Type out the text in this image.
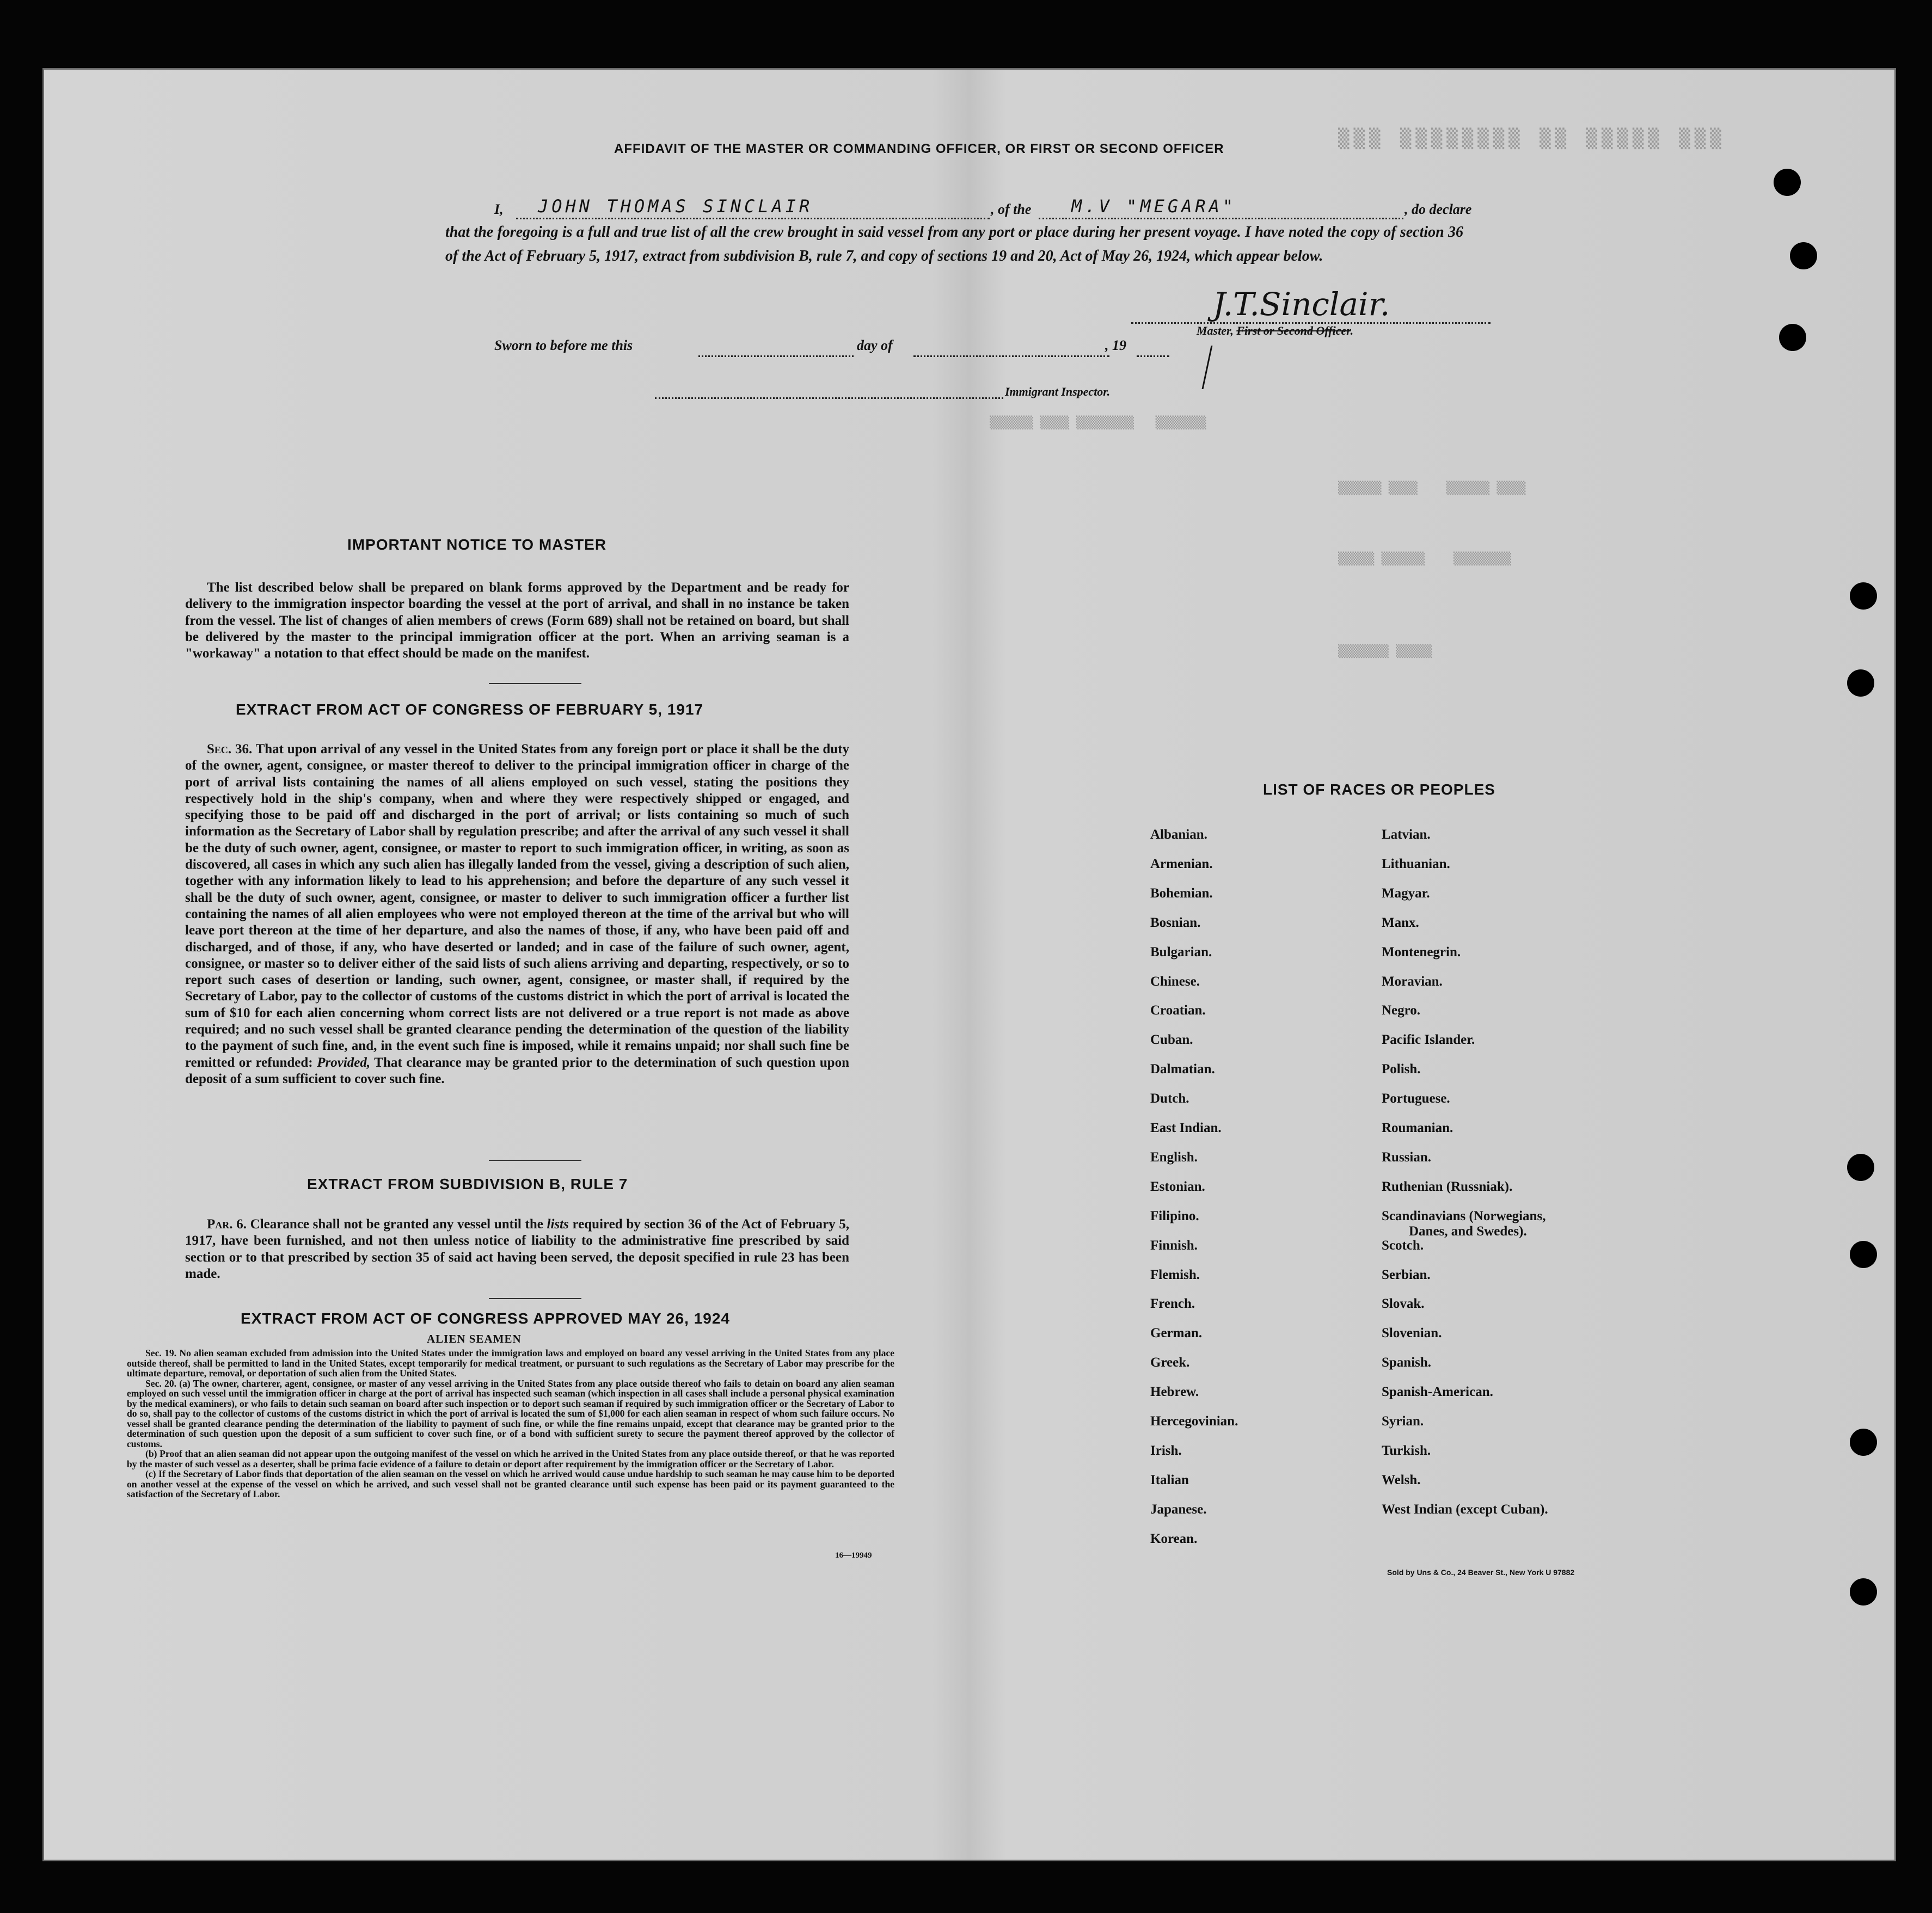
▒▒▒ ▒▒▒▒▒▒▒▒ ▒▒ ▒▒▒▒▒ ▒▒▒
▒▒▒▒▒▒ ▒▒▒▒ ▒▒▒▒▒▒▒▒   ▒▒▒▒▒▒▒
▒▒▒▒▒▒ ▒▒▒▒    ▒▒▒▒▒▒ ▒▒▒▒
▒▒▒▒▒ ▒▒▒▒▒▒    ▒▒▒▒▒▒▒▒
▒▒▒▒▒▒▒ ▒▒▒▒▒
AFFIDAVIT OF THE MASTER OR COMMANDING OFFICER, OR FIRST OR SECOND OFFICER
I, JOHN THOMAS SINCLAIR	, of the M.V "MEGARA"	, do declare
that the foregoing is a full and true list of all the crew brought in said vessel from any port or place during her present voyage. I have noted the copy of section 36 of the Act of February 5, 1917, extract from subdivision B, rule 7, and copy of sections 19 and 20, Act of May 26, 1924, which appear below.
J.T.Sinclair.
Master, First or Second Officer.
Sworn to before me this	day of	, 19
Immigrant Inspector.
IMPORTANT NOTICE TO MASTER

The list described below shall be prepared on blank forms approved by the Department and be ready for delivery to the immigration inspector boarding the vessel at the port of arrival, and shall in no instance be taken from the vessel. The list of changes of alien members of crews (Form 689) shall not be retained on board, but shall be delivered by the master to the principal immigration officer at the port. When an arriving seaman is a "workaway" a notation to that effect should be made on the manifest.

EXTRACT FROM ACT OF CONGRESS OF FEBRUARY 5, 1917

Sec. 36. That upon arrival of any vessel in the United States from any foreign port or place it shall be the duty of the owner, agent, consignee, or master thereof to deliver to the principal immigration officer in charge of the port of arrival lists containing the names of all aliens employed on such vessel, stating the positions they respectively hold in the ship's company, when and where they were respectively shipped or engaged, and specifying those to be paid off and discharged in the port of arrival; or lists containing so much of such information as the Secretary of Labor shall by regulation prescribe; and after the arrival of any such vessel it shall be the duty of such owner, agent, consignee, or master to report to such immigration officer, in writing, as soon as discovered, all cases in which any such alien has illegally landed from the vessel, giving a description of such alien, together with any information likely to lead to his apprehension; and before the departure of any such vessel it shall be the duty of such owner, agent, consignee, or master to deliver to such immigration officer a further list containing the names of all alien employees who were not employed thereon at the time of the arrival but who will leave port thereon at the time of her departure, and also the names of those, if any, who have been paid off and discharged, and of those, if any, who have deserted or landed; and in case of the failure of such owner, agent, consignee, or master so to deliver either of the said lists of such aliens arriving and departing, respectively, or so to report such cases of desertion or landing, such owner, agent, consignee, or master shall, if required by the Secretary of Labor, pay to the collector of customs of the customs district in which the port of arrival is located the sum of $10 for each alien concerning whom correct lists are not delivered or a true report is not made as above required; and no such vessel shall be granted clearance pending the determination of the question of the liability to the payment of such fine, and, in the event such fine is imposed, while it remains unpaid; nor shall such fine be remitted or refunded: Provided, That clearance may be granted prior to the determination of such question upon deposit of a sum sufficient to cover such fine.

EXTRACT FROM SUBDIVISION B, RULE 7

Par. 6. Clearance shall not be granted any vessel until the lists required by section 36 of the Act of February 5, 1917, have been furnished, and not then unless notice of liability to the administrative fine prescribed by said section or to that prescribed by section 35 of said act having been served, the deposit specified in rule 23 has been made.

EXTRACT FROM ACT OF CONGRESS APPROVED MAY 26, 1924
ALIEN SEAMEN

Sec. 19. No alien seaman excluded from admission into the United States under the immigration laws and employed on board any vessel arriving in the United States from any place outside thereof, shall be permitted to land in the United States, except temporarily for medical treatment, or pursuant to such regulations as the Secretary of Labor may prescribe for the ultimate departure, removal, or deportation of such alien from the United States.

Sec. 20. (a) The owner, charterer, agent, consignee, or master of any vessel arriving in the United States from any place outside thereof who fails to detain on board any alien seaman employed on such vessel until the immigration officer in charge at the port of arrival has inspected such seaman (which inspection in all cases shall include a personal physical examination by the medical examiners), or who fails to detain such seaman on board after such inspection or to deport such seaman if required by such immigration officer or the Secretary of Labor to do so, shall pay to the collector of customs of the customs district in which the port of arrival is located the sum of $1,000 for each alien seaman in respect of whom such failure occurs. No vessel shall be granted clearance pending the determination of the liability to payment of such fine, or while the fine remains unpaid, except that clearance may be granted prior to the determination of such question upon the deposit of a sum sufficient to cover such fine, or of a bond with sufficient surety to secure the payment thereof approved by the collector of customs.

(b) Proof that an alien seaman did not appear upon the outgoing manifest of the vessel on which he arrived in the United States from any place outside thereof, or that he was reported by the master of such vessel as a deserter, shall be prima facie evidence of a failure to detain or deport after requirement by the immigration officer or the Secretary of Labor.

(c) If the Secretary of Labor finds that deportation of the alien seaman on the vessel on which he arrived would cause undue hardship to such seaman he may cause him to be deported on another vessel at the expense of the vessel on which he arrived, and such vessel shall not be granted clearance until such expense has been paid or its payment guaranteed to the satisfaction of the Secretary of Labor.

16—19949
LIST OF RACES OR PEOPLES
Albanian.
Armenian.
Bohemian.
Bosnian.
Bulgarian.
Chinese.
Croatian.
Cuban.
Dalmatian.
Dutch.
East Indian.
English.
Estonian.
Filipino.
Finnish.
Flemish.
French.
German.
Greek.
Hebrew.
Hercegovinian.
Irish.
Italian
Japanese.
Korean.
Latvian.
Lithuanian.
Magyar.
Manx.
Montenegrin.
Moravian.
Negro.
Pacific Islander.
Polish.
Portuguese.
Roumanian.
Russian.
Ruthenian (Russniak).
Scandinavians (Norwegians,
Danes, and Swedes).
Scotch.
Serbian.
Slovak.
Slovenian.
Spanish.
Spanish-American.
Syrian.
Turkish.
Welsh.
West Indian (except Cuban).
Sold by Uns & Co., 24 Beaver St., New York U 97882
